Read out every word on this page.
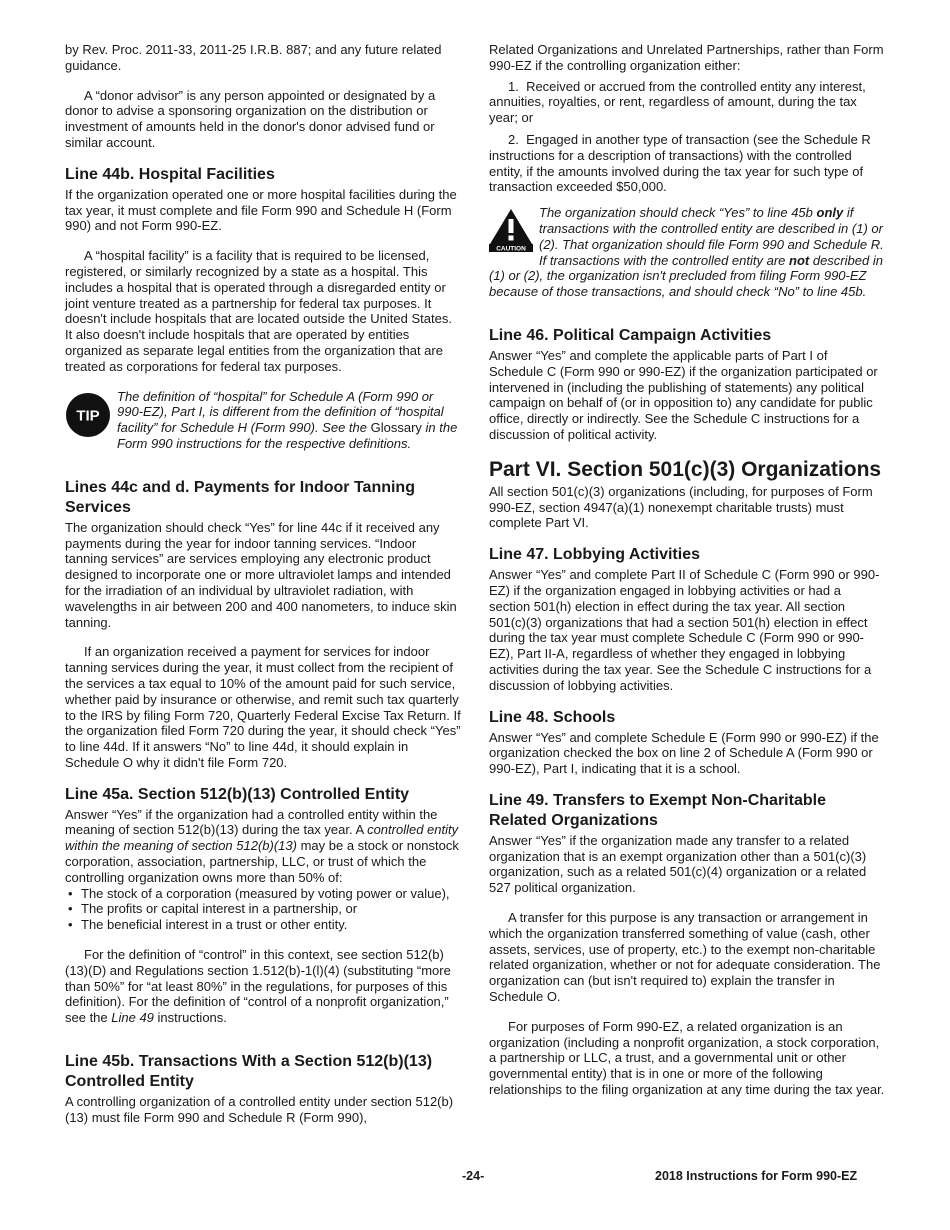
by Rev. Proc. 2011-33, 2011-25 I.R.B. 887; and any future related guidance.

A “donor advisor” is any person appointed or designated by a donor to advise a sponsoring organization on the distribution or investment of amounts held in the donor's donor advised fund or similar account.

Line 44b. Hospital Facilities

If the organization operated one or more hospital facilities during the tax year, it must complete and file Form 990 and Schedule H (Form 990) and not Form 990-EZ.

A “hospital facility” is a facility that is required to be licensed, registered, or similarly recognized by a state as a hospital. This includes a hospital that is operated through a disregarded entity or joint venture treated as a partnership for federal tax purposes. It doesn't include hospitals that are located outside the United States. It also doesn't include hospitals that are operated by entities organized as separate legal entities from the organization that are treated as corporations for federal tax purposes.

TIP
The definition of “hospital” for Schedule A (Form 990 or 990-EZ), Part I, is different from the definition of “hospital facility” for Schedule H (Form 990). See the Glossary in the Form 990 instructions for the respective definitions.
Lines 44c and d. Payments for Indoor Tanning Services

The organization should check “Yes” for line 44c if it received any payments during the year for indoor tanning services. “Indoor tanning services” are services employing any electronic product designed to incorporate one or more ultraviolet lamps and intended for the irradiation of an individual by ultraviolet radiation, with wavelengths in air between 200 and 400 nanometers, to induce skin tanning.

If an organization received a payment for services for indoor tanning services during the year, it must collect from the recipient of the services a tax equal to 10% of the amount paid for such service, whether paid by insurance or otherwise, and remit such tax quarterly to the IRS by filing Form 720, Quarterly Federal Excise Tax Return. If the organization filed Form 720 during the year, it should check “Yes” to line 44d. If it answers “No” to line 44d, it should explain in Schedule O why it didn't file Form 720.

Line 45a. Section 512(b)(13) Controlled Entity

Answer “Yes” if the organization had a controlled entity within the meaning of section 512(b)(13) during the tax year. A controlled entity within the meaning of section 512(b)(13) may be a stock or nonstock corporation, association, partnership, LLC, or trust of which the controlling organization owns more than 50% of:

• The stock of a corporation (measured by voting power or value),
• The profits or capital interest in a partnership, or
• The beneficial interest in a trust or other entity.

For the definition of “control” in this context, see section 512(b)(13)(D) and Regulations section 1.512(b)-1(l)(4) (substituting “more than 50%” for “at least 80%” in the regulations, for purposes of this definition). For the definition of “control of a nonprofit organization,” see the Line 49 instructions.

Line 45b. Transactions With a Section 512(b)(13) Controlled Entity

A controlling organization of a controlled entity under section 512(b)(13) must file Form 990 and Schedule R (Form 990),

Related Organizations and Unrelated Partnerships, rather than Form 990-EZ if the controlling organization either:

1.  Received or accrued from the controlled entity any interest, annuities, royalties, or rent, regardless of amount, during the tax year; or

2.  Engaged in another type of transaction (see the Schedule R instructions for a description of transactions) with the controlled entity, if the amounts involved during the tax year for such type of transaction exceeded $50,000.

CAUTION
The organization should check “Yes” to line 45b only if transactions with the controlled entity are described in (1) or (2). That organization should file Form 990 and Schedule R. If transactions with the controlled entity are not described in (1) or (2), the organization isn't precluded from filing Form 990-EZ because of those transactions, and should check “No” to line 45b.
Line 46. Political Campaign Activities

Answer “Yes” and complete the applicable parts of Part I of Schedule C (Form 990 or 990-EZ) if the organization participated or intervened in (including the publishing of statements) any political campaign on behalf of (or in opposition to) any candidate for public office, directly or indirectly. See the Schedule C instructions for a discussion of political activity.

Part VI. Section 501(c)(3) Organizations

All section 501(c)(3) organizations (including, for purposes of Form 990-EZ, section 4947(a)(1) nonexempt charitable trusts) must complete Part VI.

Line 47. Lobbying Activities

Answer “Yes” and complete Part II of Schedule C (Form 990 or 990-EZ) if the organization engaged in lobbying activities or had a section 501(h) election in effect during the tax year. All section 501(c)(3) organizations that had a section 501(h) election in effect during the tax year must complete Schedule C (Form 990 or 990-EZ), Part II-A, regardless of whether they engaged in lobbying activities during the tax year. See the Schedule C instructions for a discussion of lobbying activities.

Line 48. Schools

Answer “Yes” and complete Schedule E (Form 990 or 990-EZ) if the organization checked the box on line 2 of Schedule A (Form 990 or 990-EZ), Part I, indicating that it is a school.

Line 49. Transfers to Exempt Non-Charitable Related Organizations

Answer “Yes” if the organization made any transfer to a related organization that is an exempt organization other than a 501(c)(3) organization, such as a related 501(c)(4) organization or a related 527 political organization.

A transfer for this purpose is any transaction or arrangement in which the organization transferred something of value (cash, other assets, services, use of property, etc.) to the exempt non-charitable related organization, whether or not for adequate consideration. The organization can (but isn't required to) explain the transfer in Schedule O.

For purposes of Form 990-EZ, a related organization is an organization (including a nonprofit organization, a stock corporation, a partnership or LLC, a trust, and a governmental unit or other governmental entity) that is in one or more of the following relationships to the filing organization at any time during the tax year.

-24-	2018 Instructions for Form 990-EZ
